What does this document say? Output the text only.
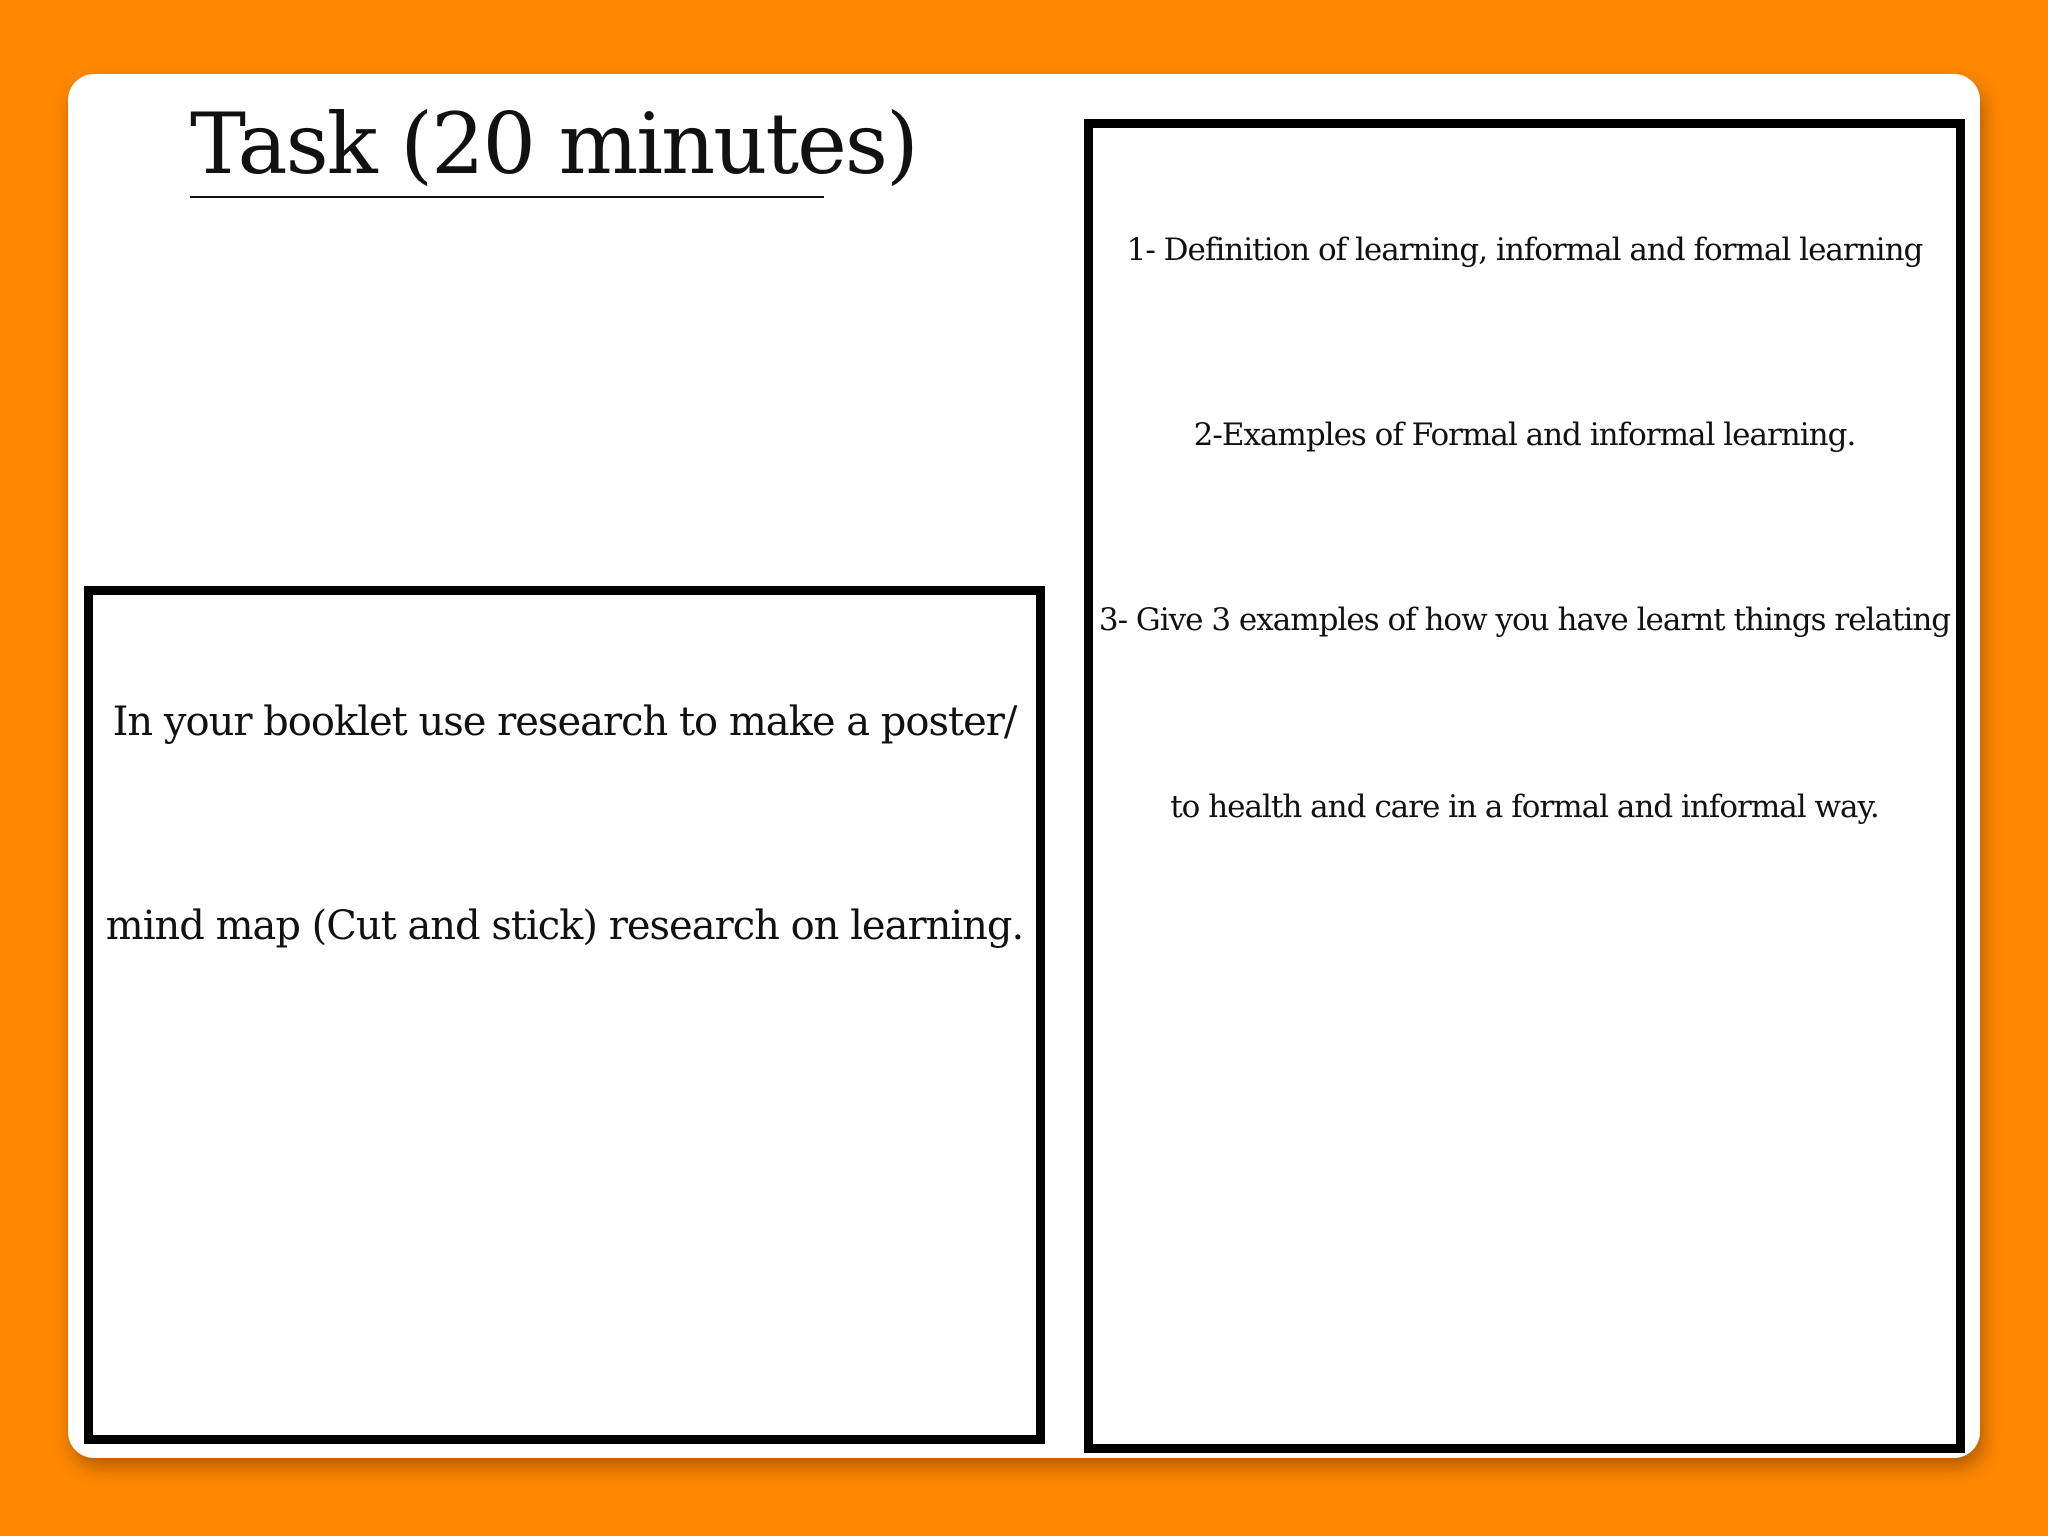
Task (20 minutes)
In your booklet use research to make a poster/
mind map (Cut and stick) research on learning.
1- Definition of learning, informal and formal learning
2-Examples of Formal and informal learning.
3- Give 3 examples of how you have learnt things relating
to health and care in a formal and informal way.
